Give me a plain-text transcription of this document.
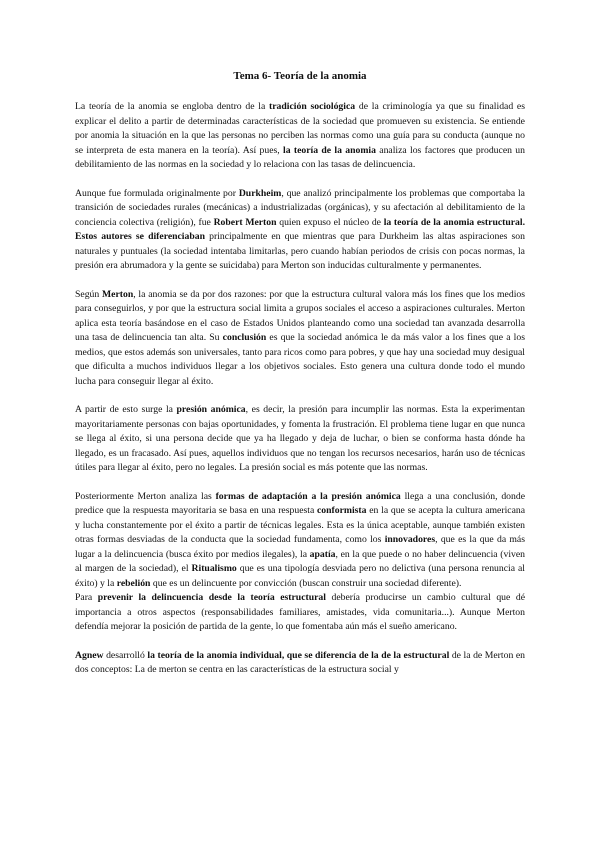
Tema 6- Teoría de la anomia

La teoría de la anomia se engloba dentro de la tradición sociológica de la criminología ya que su finalidad es explicar el delito a partir de determinadas características de la sociedad que promueven su existencia. Se entiende por anomia la situación en la que las personas no perciben las normas como una guía para su conducta (aunque no se interpreta de esta manera en la teoría). Así pues, la teoría de la anomia analiza los factores que producen un debilitamiento de las normas en la sociedad y lo relaciona con las tasas de delincuencia.

Aunque fue formulada originalmente por Durkheim, que analizó principalmente los problemas que comportaba la transición de sociedades rurales (mecánicas) a industrializadas (orgánicas), y su afectación al debilitamiento de la conciencia colectiva (religión), fue Robert Merton quien expuso el núcleo de la teoría de la anomia estructural. Estos autores se diferenciaban principalmente en que mientras que para Durkheim las altas aspiraciones son naturales y puntuales (la sociedad intentaba limitarlas, pero cuando habían periodos de crisis con pocas normas, la presión era abrumadora y la gente se suicidaba) para Merton son inducidas culturalmente y permanentes.

Según Merton, la anomia se da por dos razones: por que la estructura cultural valora más los fines que los medios para conseguirlos, y por que la estructura social limita a grupos sociales el acceso a aspiraciones culturales. Merton aplica esta teoría basándose en el caso de Estados Unidos planteando como una sociedad tan avanzada desarrolla una tasa de delincuencia tan alta. Su conclusión es que la sociedad anómica le da más valor a los fines que a los medios, que estos además son universales, tanto para ricos como para pobres, y que hay una sociedad muy desigual que dificulta a muchos individuos llegar a los objetivos sociales. Esto genera una cultura donde todo el mundo lucha para conseguir llegar al éxito.

A partir de esto surge la presión anómica, es decir, la presión para incumplir las normas. Esta la experimentan mayoritariamente personas con bajas oportunidades, y fomenta la frustración. El problema tiene lugar en que nunca se llega al éxito, si una persona decide que ya ha llegado y deja de luchar, o bien se conforma hasta dónde ha llegado, es un fracasado. Así pues, aquellos individuos que no tengan los recursos necesarios, harán uso de técnicas útiles para llegar al éxito, pero no legales. La presión social es más potente que las normas.

Posteriormente Merton analiza las formas de adaptación a la presión anómica llega a una conclusión, donde predice que la respuesta mayoritaria se basa en una respuesta conformista en la que se acepta la cultura americana y lucha constantemente por el éxito a partir de técnicas legales. Esta es la única aceptable, aunque también existen otras formas desviadas de la conducta que la sociedad fundamenta, como los innovadores, que es la que da más lugar a la delincuencia (busca éxito por medios ilegales), la apatía, en la que puede o no haber delincuencia (viven al margen de la sociedad), el Ritualismo que es una tipología desviada pero no delictiva (una persona renuncia al éxito) y la rebelión que es un delincuente por convicción (buscan construir una sociedad diferente).

Para prevenir la delincuencia desde la teoría estructural debería producirse un cambio cultural que dé importancia a otros aspectos (responsabilidades familiares, amistades, vida comunitaria...). Aunque Merton defendía mejorar la posición de partida de la gente, lo que fomentaba aún más el sueño americano.

Agnew desarrolló la teoría de la anomia individual, que se diferencia de la de la estructural de la de Merton en dos conceptos: La de merton se centra en las características de la estructura social y
